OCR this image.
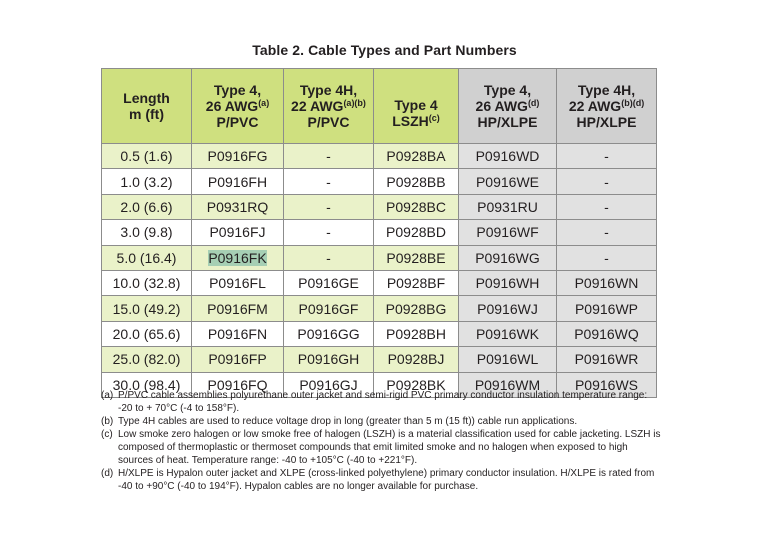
Table 2. Cable Types and Part Numbers
Length
m (ft)	Type 4,
26 AWG$^{(a)}$
P/PVC	Type 4H,
22 $AWG^{(a)(b)}$
P/PVC	Type 4
LSZH$^{(c)}$	Type 4,
26 AWG$^{(d)}$
HP/XLPE	Type 4H,
22 $AWG^{(b)(d)}$
HP/XLPE
0.5 (1.6)	P0916FG	-	P0928BA	P0916WD	-
1.0 (3.2)	P0916FH	-	P0928BB	P0916WE	-
2.0 (6.6)	P0931RQ	-	P0928BC	P0931RU	-
3.0 (9.8)	P0916FJ	-	P0928BD	P0916WF	-
5.0 (16.4)	P0916FK	-	P0928BE	P0916WG	-
10.0 (32.8)	P0916FL	P0916GE	P0928BF	P0916WH	P0916WN
15.0 (49.2)	P0916FM	P0916GF	P0928BG	P0916WJ	P0916WP
20.0 (65.6)	P0916FN	P0916GG	P0928BH	P0916WK	P0916WQ
25.0 (82.0)	P0916FP	P0916GH	P0928BJ	P0916WL	P0916WR
30.0 (98.4)	P0916FQ	P0916GJ	P0928BK	P0916WM	P0916WS
(a) P/PVC cable assemblies polyurethane outer jacket and semi-rigid PVC primary conductor insulation temperature range: -20 to + 70°C (-4 to 158°F).
(b) Type 4H cables are used to reduce voltage drop in long (greater than 5 m (15 ft)) cable run applications.
(c) Low smoke zero halogen or low smoke free of halogen (LSZH) is a material classification used for cable jacketing. LSZH is composed of thermoplastic or thermoset compounds that emit limited smoke and no halogen when exposed to high sources of heat. Temperature range: -40 to +105°C (-40 to +221°F).
(d) H/XLPE is Hypalon outer jacket and XLPE (cross-linked polyethylene) primary conductor insulation. H/XLPE is rated from -40 to +90°C (-40 to 194°F). Hypalon cables are no longer available for purchase.
